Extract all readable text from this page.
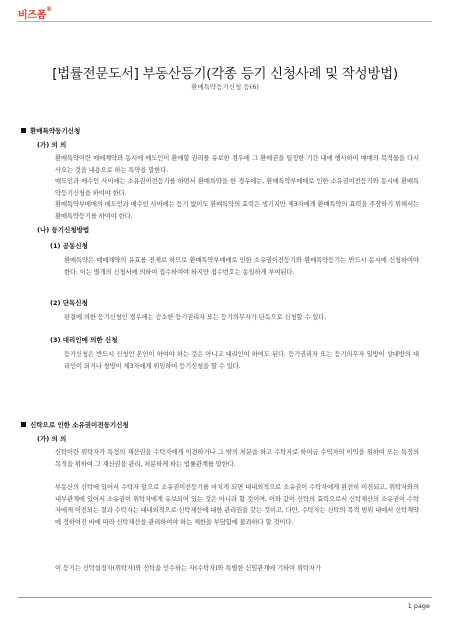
비즈폼®
[법률전문도서] 부동산등기(각종 등기 신청사례 및 작성방법)
환매특약등기신청 등(6)
환매특약등기신청
(가) 의 의

환매특약이란 매매계약과 동시에 매도인이 환매할 권리를 유보한 경우에 그 환매권을 일정한 기간 내에 행사하여 매매의 목적물을 다시 사오는 것을 내용으로 하는 특약을 말한다.

매도인과 매수인 사이에는 소유권이전등기를 하면서 환매특약을 한 경우에는, 환매특약부매매로 인한 소유권이전등기와 동시에 환매특약등기신청을 하여야 한다.

환매특약부매매의 매도인과 매수인 사이에는 등기 없이도 환매특약의 효력은 생기지만 제3자에게 환매특약의 효력을 주장하기 위해서는 환매특약등기를 하여야 한다.

(나) 등기신청방법
(1) 공동신청

환매특약은 매매계약의 유효를 전제로 하므로 환매특약부매매로 인한 소유권이전등기와 환매특약등기는 반드시 동시에 신청하여야 한다. 이는 별개의 신청서에 의하여 접수하여야 하지만 접수번호는 동일하게 부여된다.

(2) 단독신청

판결에 의한 등기신청인 경우에는 승소한 등기권리자 또는 등기의무자가 단독으로 신청할 수 있다.

(3) 대리인에 의한 신청

등기신청은 반드시 신청인 본인이 하여야 하는 것은 아니고 대리인이 하여도 된다. 등기권리자 또는 등기의무자 일방이 상대방의 대리인이 되거나 쌍방이 제3자에게 위임하여 등기신청을 할 수 있다.

신탁으로 인한 소유권이전등기신청
(가) 의 의

신탁이란 위탁자가 특정의 재산권을 수탁자에게 이전하거나 그 밖의 처분을 하고 수탁자로 하여금 수익자의 이익을 위하여 또는 특정의 목적을 위하여 그 재산권을 관리, 처분하게 하는 법률관계를 말한다.

부동산의 신탁에 있어서 수탁자 앞으로 소유권이전등기를 마치게 되면 대내외적으로 소유권이 수탁자에게 완전히 이전되고, 위탁자와의 내부관계에 있어서 소유권이 위탁자에게 유보되어 있는 것은 아니라 할 것이며, 이와 같이 신탁의 효력으로서 신탁재산의 소유권이 수탁자에게 이전되는 결과 수탁자는 대내외적으로 신탁재산에 대한 관리권을 갖는 것이고, 다만, 수탁자는 신탁의 목적 범위 내에서 신탁계약에 정하여진 바에 따라 신탁재산을 관리하여야 하는 제한을 부담함에 불과하다 할 것이다.

이 등기는 신탁설정자(위탁자)와 신탁을 인수하는 자(수탁자)와 특별한 신임관계에 기하여 위탁자가

1 page
